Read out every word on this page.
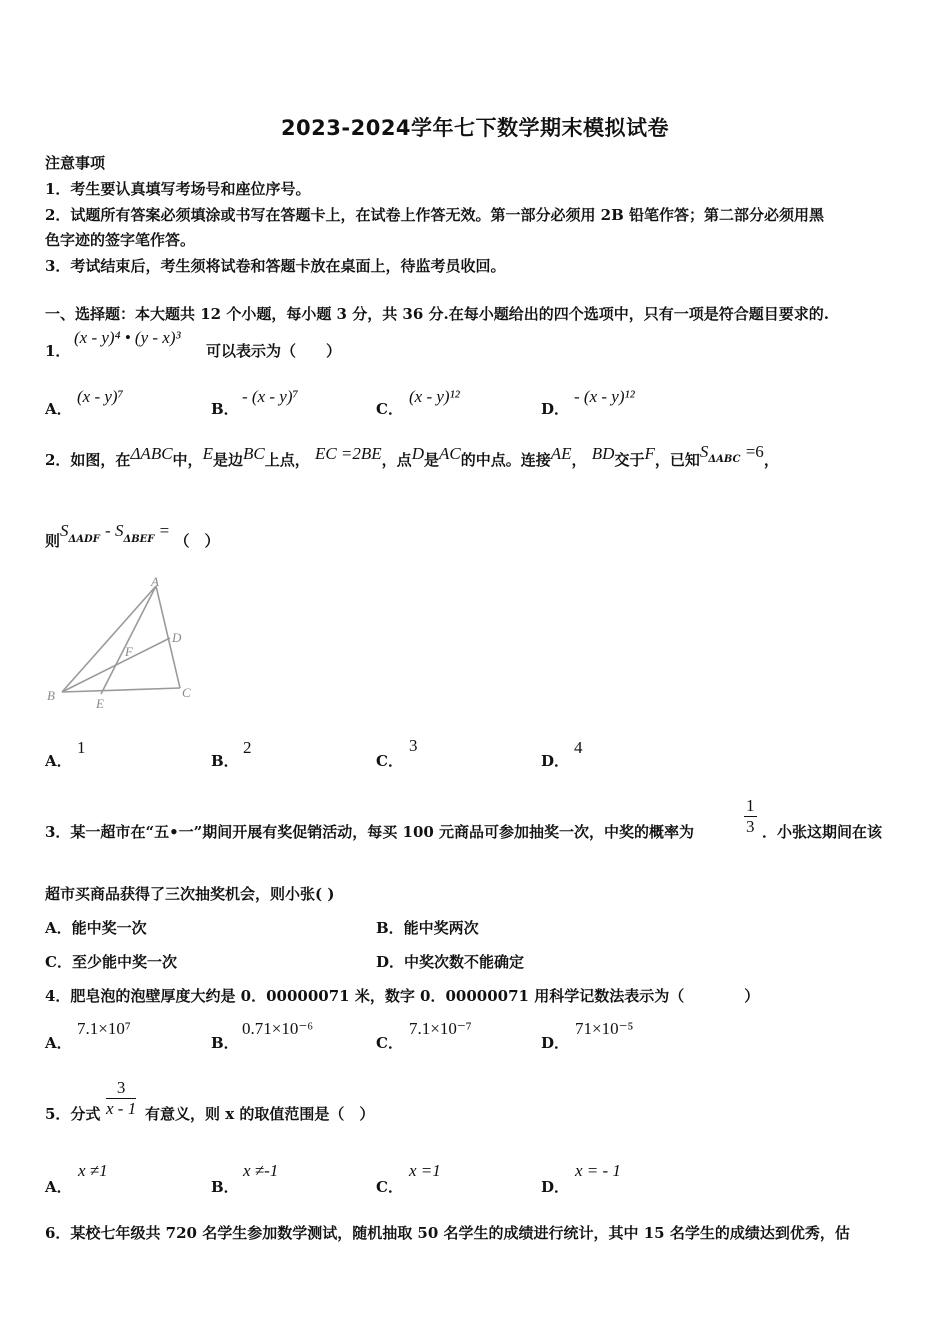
2023-2024学年七下数学期末模拟试卷
注意事项
1．考生要认真填写考场号和座位序号。
2．试题所有答案必须填涂或书写在答题卡上，在试卷上作答无效。第一部分必须用 2B 铅笔作答；第二部分必须用黑
色字迹的签字笔作答。
3．考试结束后，考生须将试卷和答题卡放在桌面上，待监考员收回。
一、选择题：本大题共 12 个小题，每小题 3 分，共 36 分.在每小题给出的四个选项中，只有一项是符合题目要求的.
1．
(x - y)⁴ • (y - x)³
可以表示为（　　）
A．
(x - y)⁷
B．
- (x - y)⁷
C．
(x - y)¹²
D．
- (x - y)¹²
2．如图，在ΔABC中，E是边BC上点， EC =2BE，点D是AC的中点。连接AE， BD交于F，已知$S^{\Delta ABC} =6$，
则$S^{\Delta ADF} - S^{\Delta BEF}$ = （　）
A
B	C
D
E
F
A．
1
B．
2
C．
3
D．
4
3．某一超市在“五•一”期间开展有奖促销活动，每买 100 元商品可参加抽奖一次，中奖的概率为	$\frac{1}{3}$ ．小张这期间在该
超市买商品获得了三次抽奖机会，则小张( )
A．能中奖一次	B．能中奖两次
C．至少能中奖一次	D．中奖次数不能确定
4．肥皂泡的泡壁厚度大约是 0．00000071 米，数字 0．00000071 用科学记数法表示为（　　　　）
A．
7.1×10⁷
B．
0.71×10⁻⁶
C．
7.1×10⁻⁷
D．
71×10⁻⁵
5．分式 $\frac{3}{x - 1}$ 有意义，则 x 的取值范围是（　）
A．
x ≠1
B．
x ≠-1
C．
x =1
D．
x = - 1
6．某校七年级共 720 名学生参加数学测试，随机抽取 50 名学生的成绩进行统计，其中 15 名学生的成绩达到优秀，估
